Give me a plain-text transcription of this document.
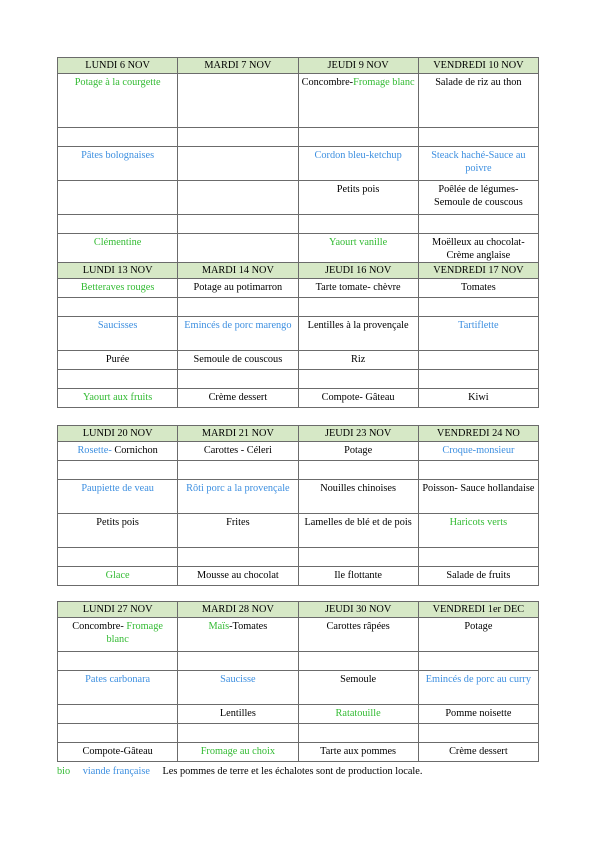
LUNDI 6 NOV	MARDI 7 NOV	JEUDI 9 NOV	VENDREDI 10 NOV
Potage à la courgette		Concombre-Fromage blanc	Salade de riz au thon

Pâtes bolognaises		Cordon bleu-ketchup	Steack haché-Sauce au poivre
		Petits pois	Poêlée de légumes-Semoule de couscous

Clémentine		Yaourt vanille	Moëlleux au chocolat-Crème anglaise
LUNDI 13 NOV	MARDI 14 NOV	JEUDI 16 NOV	VENDREDI 17 NOV
Betteraves rouges	Potage au potimarron	Tarte tomate- chèvre	Tomates

Saucisses	Emincés de porc marengo	Lentilles à la provençale	Tartiflette
Purée	Semoule de couscous	Riz	

Yaourt aux fruits	Crème dessert	Compote- Gâteau	Kiwi
LUNDI 20 NOV	MARDI 21 NOV	JEUDI 23 NOV	VENDREDI 24 NO
Rosette- Cornichon	Carottes - Céleri	Potage	Croque-monsieur

Paupiette de veau	Rôti porc a la provençale	Nouilles chinoises	Poisson- Sauce hollandaise
Petits pois	Frites	Lamelles de blé et de pois	Haricots verts

Glace	Mousse au chocolat	Ile flottante	Salade de fruits
LUNDI 27 NOV	MARDI 28 NOV	JEUDI 30 NOV	VENDREDI 1er DEC
Concombre- Fromage blanc	Maïs-Tomates	Carottes râpées	Potage

Pates carbonara	Saucisse	Semoule	Emincés de porc au curry
	Lentilles	Ratatouille	Pomme noisette

Compote-Gâteau	Fromage au choix	Tarte aux pommes	Crème dessert
bio viande française Les pommes de terre et les échalotes sont de production locale.
